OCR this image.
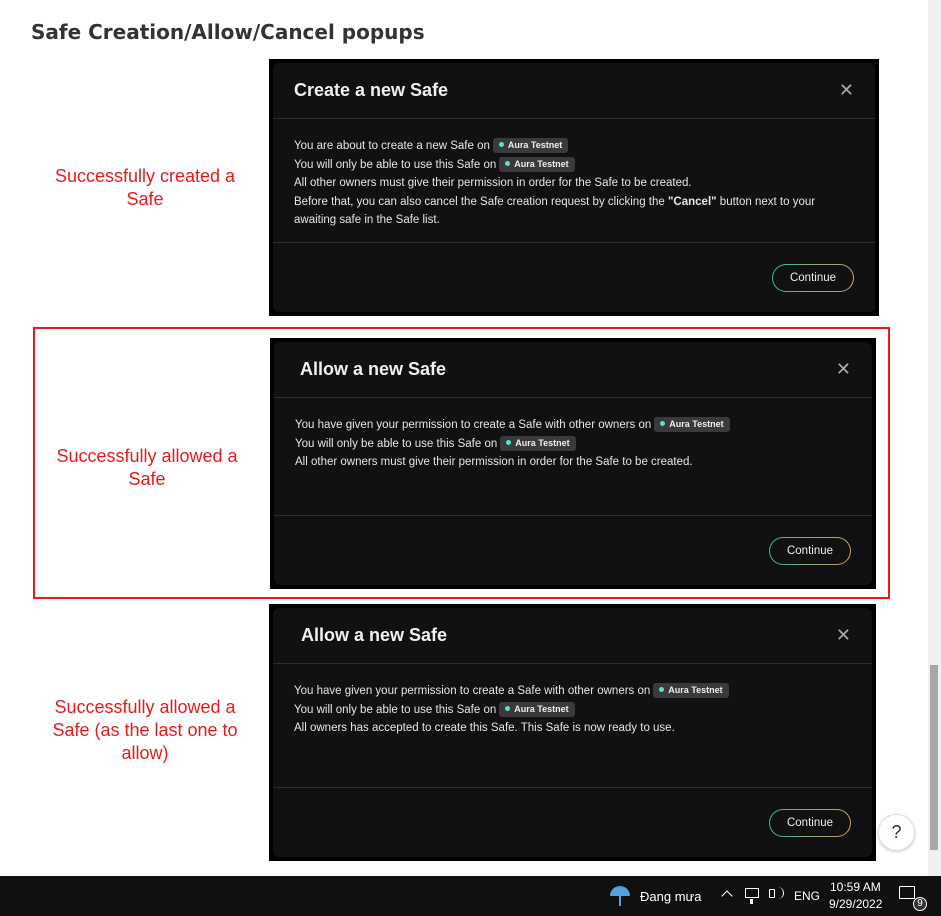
Safe Creation/Allow/Cancel popups
Successfully created a Safe
Create a new Safe	✕
You are about to create a new Safe on Aura Testnet
You will only be able to use this Safe on Aura Testnet
All other owners must give their permission in order for the Safe to be created.
Before that, you can also cancel the Safe creation request by clicking the "Cancel" button next to your awaiting safe in the Safe list.
Continue
Successfully allowed a Safe
Allow a new Safe	✕
You have given your permission to create a Safe with other owners on Aura Testnet
You will only be able to use this Safe on Aura Testnet
All other owners must give their permission in order for the Safe to be created.
Continue
Successfully allowed a Safe (as the last one to allow)
Allow a new Safe	✕
You have given your permission to create a Safe with other owners on Aura Testnet
You will only be able to use this Safe on Aura Testnet
All owners has accepted to create this Safe. This Safe is now ready to use.
Continue	?
Đang mưa	ENG
10:59 AM
9/29/2022	9
